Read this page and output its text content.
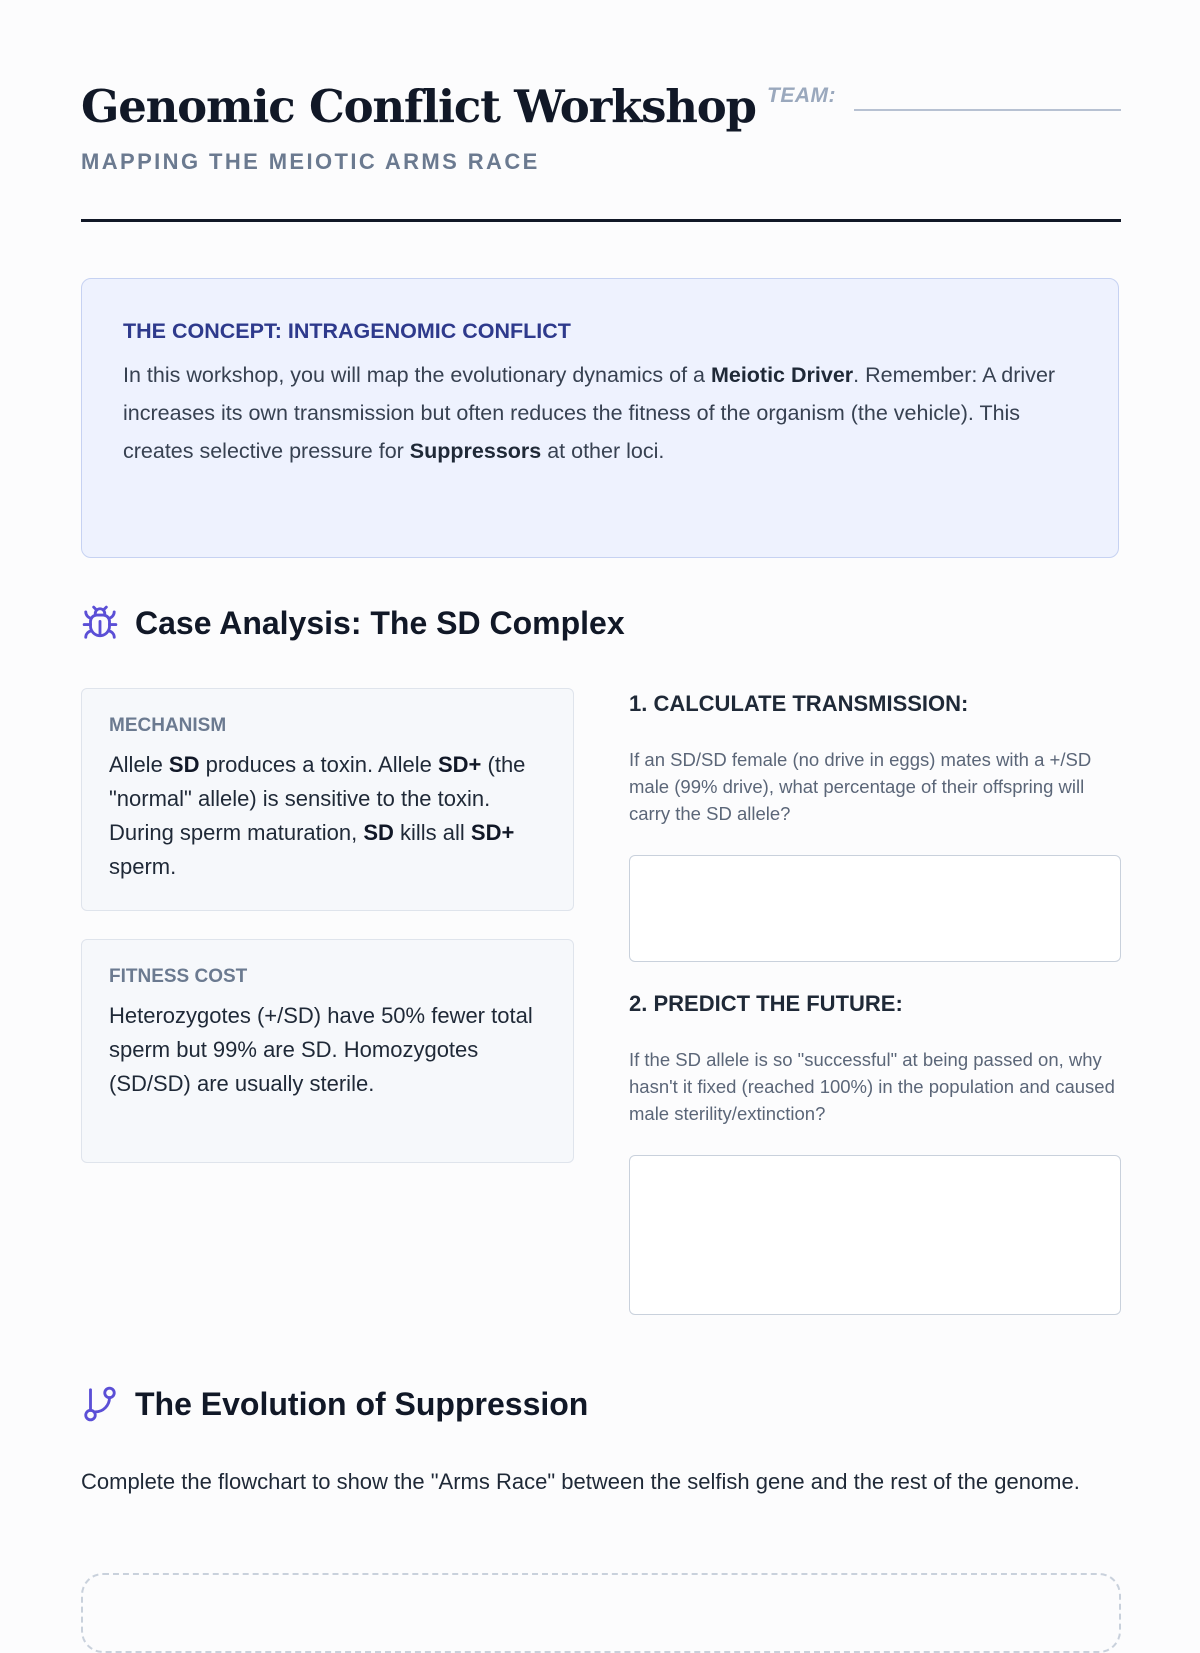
Genomic Conflict Workshop

MAPPING THE MEIOTIC ARMS RACE

TEAM:

THE CONCEPT: INTRAGENOMIC CONFLICT

In this workshop, you will map the evolutionary dynamics of a Meiotic Driver. Remember: A driver increases its own transmission but often reduces the fitness of the organism (the vehicle). This creates selective pressure for Suppressors at other loci.

Case Analysis: The SD Complex

MECHANISM

Allele SD produces a toxin. Allele SD+ (the "normal" allele) is sensitive to the toxin. During sperm maturation, SD kills all SD+ sperm.

FITNESS COST

Heterozygotes (+/SD) have 50% fewer total sperm but 99% are SD. Homozygotes (SD/SD) are usually sterile.

1. CALCULATE TRANSMISSION:

If an SD/SD female (no drive in eggs) mates with a +/SD male (99% drive), what percentage of their offspring will carry the SD allele?

2. PREDICT THE FUTURE:

If the SD allele is so "successful" at being passed on, why hasn't it fixed (reached 100%) in the population and caused male sterility/extinction?

The Evolution of Suppression

Complete the flowchart to show the "Arms Race" between the selfish gene and the rest of the genome.
